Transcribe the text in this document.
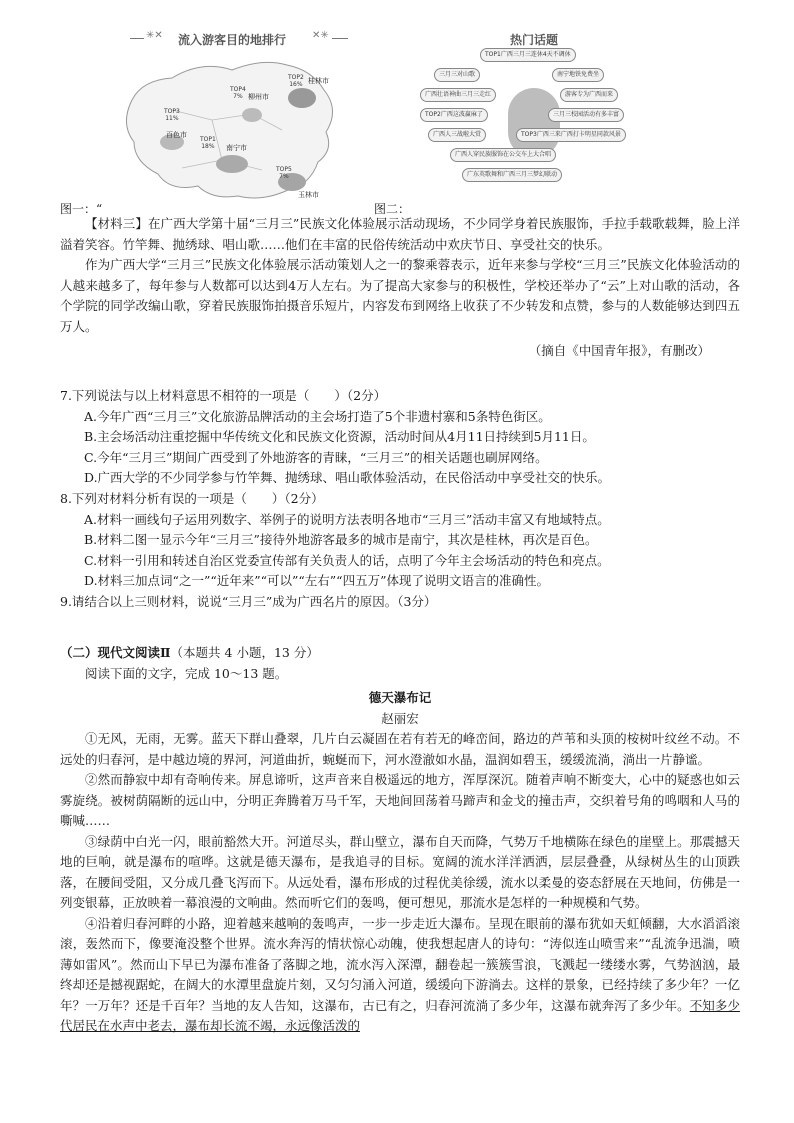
✳✕ 流入游客目的地排行	✕✳	热门话题
TOP3
11%
百色市
TOP1
18% 南宁市
TOP4
7% 柳州市
TOP2
16% 桂林市
TOP5
7%
玉林市
图一：“
TOP1广西三月三连休4天不调休
三月三对山歌	南宁地铁免费坐
广西壮语神曲三月三走红	游客专为广西而来
TOP2广西这波赢麻了	三月三校园活动有多丰富
广西人三战啦大赏	TOP3广西三来广西打卡明星同款风景
广西人穿民族服饰在公交车上大合唱
广东英歌舞和广西三月三梦幻联动
图二：

【材料三】在广西大学第十届“三月三”民族文化体验展示活动现场，不少同学身着民族服饰，手拉手载歌载舞，脸上洋溢着笑容。竹竿舞、抛绣球、唱山歌……他们在丰富的民俗传统活动中欢庆节日、享受社交的快乐。

作为广西大学“三月三”民族文化体验展示活动策划人之一的黎乘蓉表示，近年来参与学校“三月三”民族文化体验活动的人越来越多了，每年参与人数都可以达到4万人左右。为了提高大家参与的积极性，学校还举办了“云”上对山歌的活动，各个学院的同学改编山歌，穿着民族服饰拍摄音乐短片，内容发布到网络上收获了不少转发和点赞，参与的人数能够达到四五万人。

（摘自《中国青年报》，有删改）

7.下列说法与以上材料意思不相符的一项是（　　）（2分）

A.今年广西“三月三”文化旅游品牌活动的主会场打造了5个非遗村寨和5条特色街区。

B.主会场活动注重挖掘中华传统文化和民族文化资源，活动时间从4月11日持续到5月11日。

C.今年“三月三”期间广西受到了外地游客的青睐，“三月三”的相关话题也刷屏网络。

D.广西大学的不少同学参与竹竿舞、抛绣球、唱山歌体验活动，在民俗活动中享受社交的快乐。

8.下列对材料分析有误的一项是（　　）（2分）

A.材料一画线句子运用列数字、举例子的说明方法表明各地市“三月三”活动丰富又有地域特点。

B.材料二图一显示今年“三月三”接待外地游客最多的城市是南宁，其次是桂林，再次是百色。

C.材料一引用和转述自治区党委宣传部有关负责人的话，点明了今年主会场活动的特色和亮点。

D.材料三加点词“之一”“近年来”“可以”“左右”“四五万”体现了说明文语言的准确性。

9.请结合以上三则材料，说说“三月三”成为广西名片的原因。（3分）

（二）现代文阅读Ⅱ（本题共 4 小题，13 分）

阅读下面的文字，完成 10～13 题。

德天瀑布记

赵丽宏

①无风，无雨，无雾。蓝天下群山叠翠，几片白云凝固在若有若无的峰峦间，路边的芦苇和头顶的桉树叶纹丝不动。不远处的归春河，是中越边境的界河，河道曲折，蜿蜒而下，河水澄澈如水晶，温润如碧玉，缓缓流淌，淌出一片静谧。

②然而静寂中却有奇响传来。屏息谛听，这声音来自极遥远的地方，浑厚深沉。随着声响不断变大，心中的疑惑也如云雾旋绕。被树荫隔断的远山中，分明正奔腾着万马千军，天地间回荡着马蹄声和金戈的撞击声，交织着号角的鸣咽和人马的嘶喊……

③绿荫中白光一闪，眼前豁然大开。河道尽头，群山壁立，瀑布自天而降，气势万千地横陈在绿色的崖壁上。那震撼天地的巨响，就是瀑布的喧哗。这就是德天瀑布，是我追寻的目标。宽阔的流水洋洋洒洒，层层叠叠，从绿树丛生的山顶跌落，在腰间受阻，又分成几叠飞泻而下。从远处看，瀑布形成的过程优美徐缓，流水以柔曼的姿态舒展在天地间，仿佛是一列变银幕，正放映着一幕浪漫的文响曲。然而听它们的轰鸣，便可想见，那流水是怎样的一种规模和气势。

④沿着归春河畔的小路，迎着越来越响的轰鸣声，一步一步走近大瀑布。呈现在眼前的瀑布犹如天虹倾翻，大水滔滔滚滚，轰然而下，像要淹没整个世界。流水奔泻的情状惊心动魄，使我想起唐人的诗句：“涛似连山喷雪来”“乱流争迅湍，喷薄如雷风”。然而山下早已为瀑布准备了落脚之地，流水泻入深潭，翻卷起一簇簇雪浪，飞溅起一缕缕水雾，气势汹汹，最终却还是撼视踞蛇，在阔大的水潭里盘旋片刻，又匀匀涌入河道，缓缓向下游淌去。这样的景象，已经持续了多少年？一亿年？一万年？还是千百年？当地的友人告知，这瀑布，古已有之，归春河流淌了多少年，这瀑布就奔泻了多少年。不知多少代居民在水声中老去，瀑布却长流不竭，永远像活泼的
